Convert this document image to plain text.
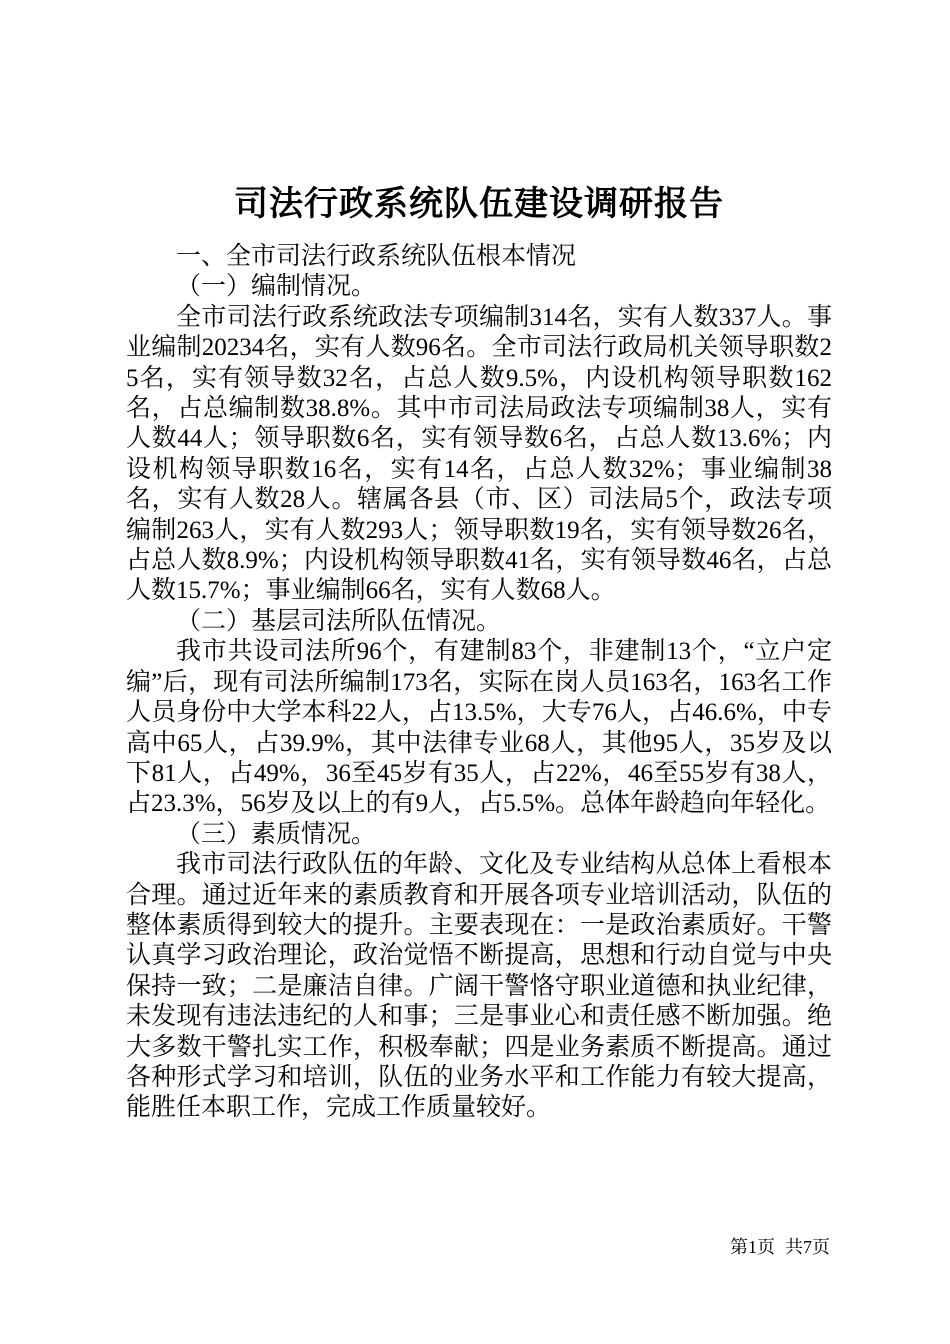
司法行政系统队伍建设调研报告

一、全市司法行政系统队伍根本情况

（一）编制情况。

全市司法行政系统政法专项编制314名，实有人数337人。事业编制20234名，实有人数96名。全市司法行政局机关领导职数25名，实有领导数32名，占总人数9.5%，内设机构领导职数162名，占总编制数38.8%。其中市司法局政法专项编制38人，实有人数44人；领导职数6名，实有领导数6名，占总人数13.6%；内设机构领导职数16名，实有14名，占总人数32%；事业编制38名，实有人数28人。辖属各县（市、区）司法局5个，政法专项编制263人，实有人数293人；领导职数19名，实有领导数26名，占总人数8.9%；内设机构领导职数41名，实有领导数46名，占总人数15.7%；事业编制66名，实有人数68人。

（二）基层司法所队伍情况。

我市共设司法所96个，有建制83个，非建制13个，“立户定编”后，现有司法所编制173名，实际在岗人员163名，163名工作人员身份中大学本科22人，占13.5%，大专76人，占46.6%，中专高中65人，占39.9%，其中法律专业68人，其他95人，35岁及以下81人，占49%，36至45岁有35人，占22%，46至55岁有38人，占23.3%，56岁及以上的有9人，占5.5%。总体年龄趋向年轻化。

（三）素质情况。

我市司法行政队伍的年龄、文化及专业结构从总体上看根本合理。通过近年来的素质教育和开展各项专业培训活动，队伍的整体素质得到较大的提升。主要表现在：一是政治素质好。干警认真学习政治理论，政治觉悟不断提高，思想和行动自觉与中央保持一致；二是廉洁自律。广阔干警恪守职业道德和执业纪律，未发现有违法违纪的人和事；三是事业心和责任感不断加强。绝大多数干警扎实工作，积极奉献；四是业务素质不断提高。通过各种形式学习和培训，队伍的业务水平和工作能力有较大提高，能胜任本职工作，完成工作质量较好。

第1页 共7页
